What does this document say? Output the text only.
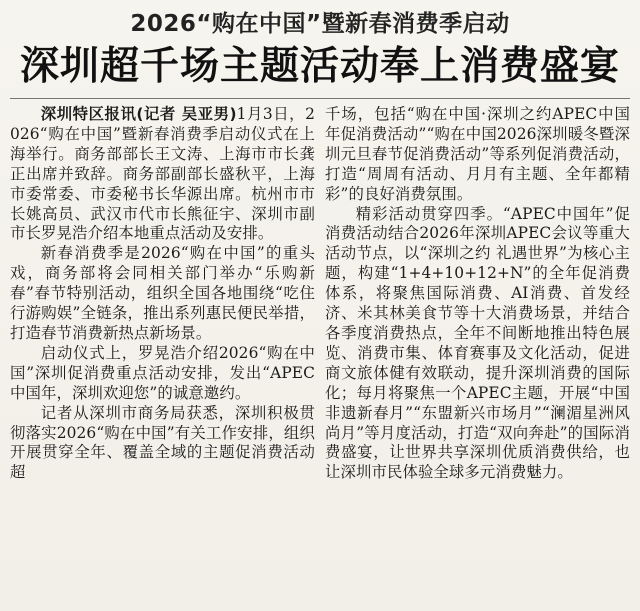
2026“购在中国”暨新春消费季启动
深圳超千场主题活动奉上消费盛宴

深圳特区报讯(记者 吴亚男)1月3日，2026“购在中国”暨新春消费季启动仪式在上海举行。商务部部长王文涛、上海市市长龚正出席并致辞。商务部副部长盛秋平，上海市委常委、市委秘书长华源出席。杭州市市长姚高员、武汉市代市长熊征宇、深圳市副市长罗晃浩介绍本地重点活动及安排。

新春消费季是2026“购在中国”的重头戏，商务部将会同相关部门举办“乐购新春”春节特别活动，组织全国各地围绕“吃住行游购娱”全链条，推出系列惠民便民举措，打造春节消费新热点新场景。

启动仪式上，罗晃浩介绍2026“购在中国”深圳促消费重点活动安排，发出“APEC中国年，深圳欢迎您”的诚意邀约。

记者从深圳市商务局获悉，深圳积极贯彻落实2026“购在中国”有关工作安排，组织开展贯穿全年、覆盖全域的主题促消费活动超

千场，包括“购在中国·深圳之约APEC中国年促消费活动”“购在中国2026深圳暖冬暨深圳元旦春节促消费活动”等系列促消费活动，打造“周周有活动、月月有主题、全年都精彩”的良好消费氛围。

精彩活动贯穿四季。“APEC中国年”促消费活动结合2026年深圳APEC会议等重大活动节点，以“深圳之约 礼遇世界”为核心主题，构建“1+4+10+12+N”的全年促消费体系，将聚焦国际消费、AI消费、首发经济、米其林美食节等十大消费场景，并结合各季度消费热点，全年不间断地推出特色展览、消费市集、体育赛事及文化活动，促进商文旅体健有效联动，提升深圳消费的国际化；每月将聚焦一个APEC主题，开展“中国非遗新春月”“东盟新兴市场月”“澜湄星洲风尚月”等月度活动，打造“双向奔赴”的国际消费盛宴，让世界共享深圳优质消费供给，也让深圳市民体验全球多元消费魅力。
